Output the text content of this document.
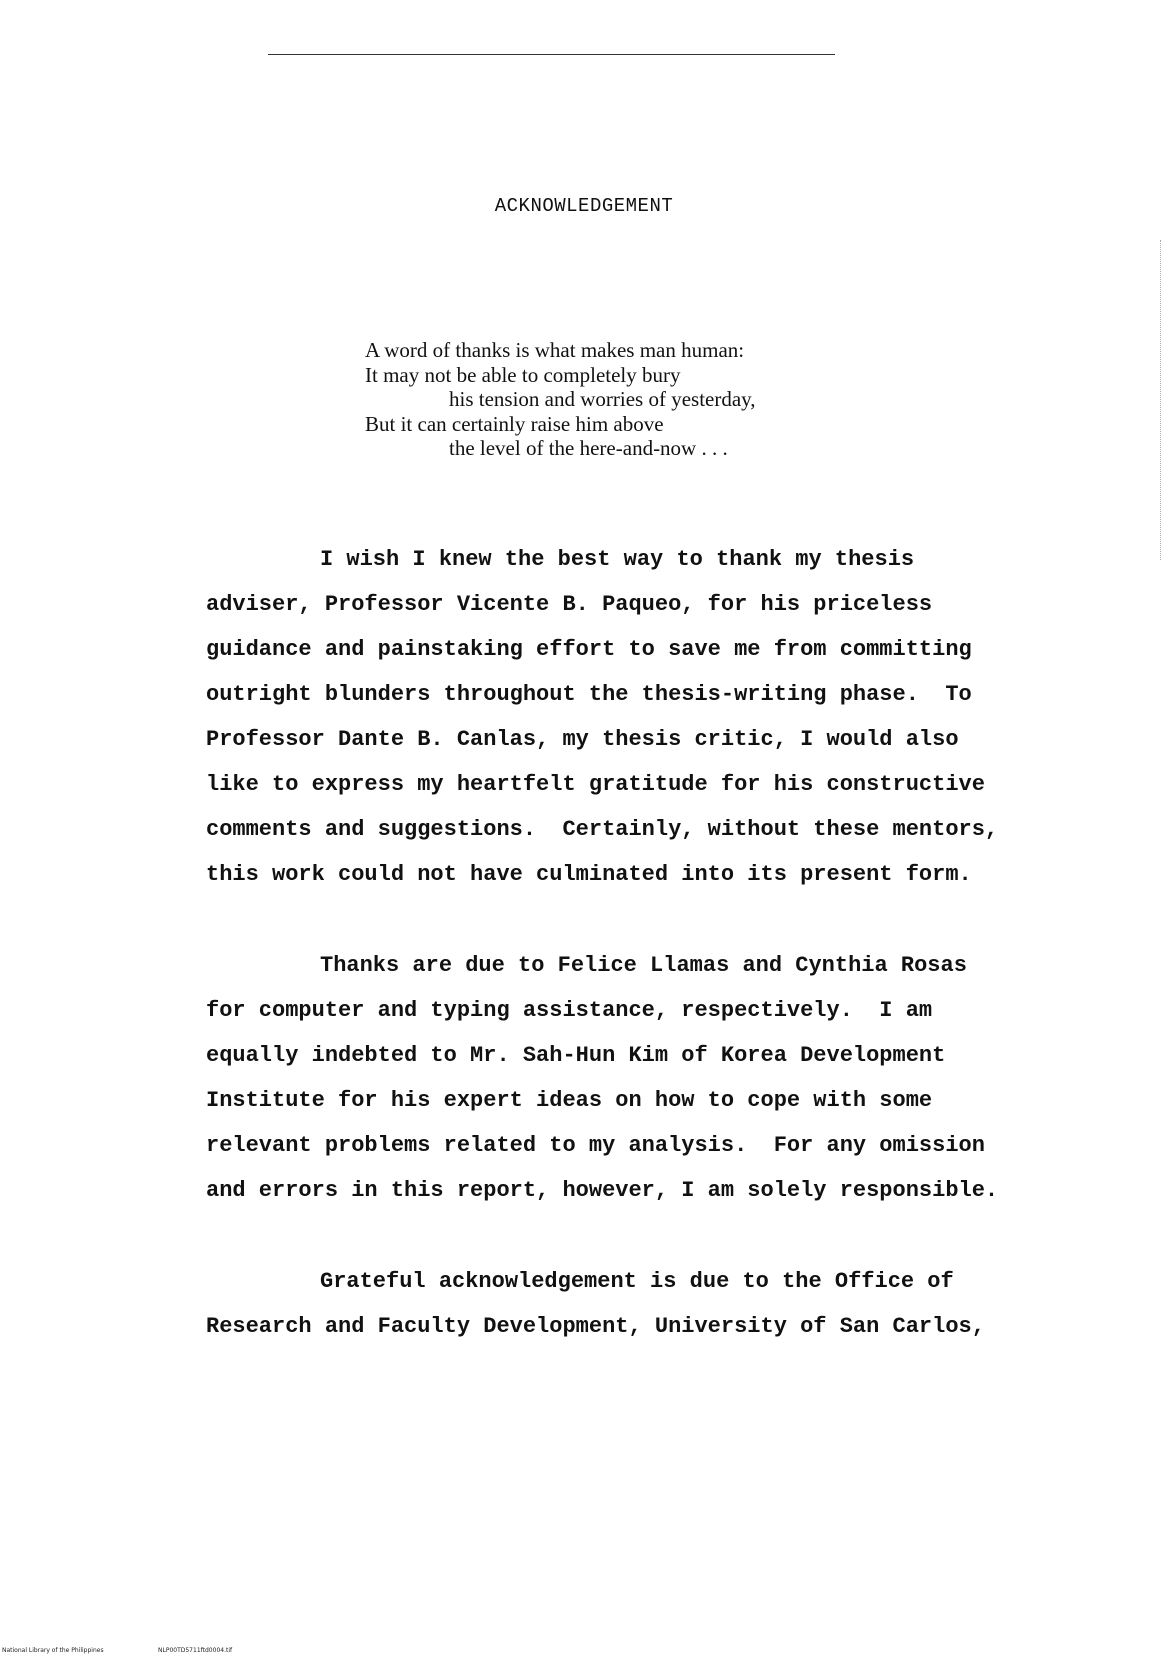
ACKNOWLEDGEMENT
A word of thanks is what makes man human:
It may not be able to completely bury
his tension and worries of yesterday,
But it can certainly raise him above
the level of the here-and-now . . .
I wish I knew the best way to thank my thesis
adviser, Professor Vicente B. Paqueo, for his priceless
guidance and painstaking effort to save me from committing
outright blunders throughout the thesis-writing phase.  To
Professor Dante B. Canlas, my thesis critic, I would also
like to express my heartfelt gratitude for his constructive
comments and suggestions.  Certainly, without these mentors,
this work could not have culminated into its present form.
Thanks are due to Felice Llamas and Cynthia Rosas
for computer and typing assistance, respectively.  I am
equally indebted to Mr. Sah-Hun Kim of Korea Development
Institute for his expert ideas on how to cope with some
relevant problems related to my analysis.  For any omission
and errors in this report, however, I am solely responsible.
Grateful acknowledgement is due to the Office of
Research and Faculty Development, University of San Carlos,
National Library of the Philippines	NLP00TD5711ftd0004.tif
